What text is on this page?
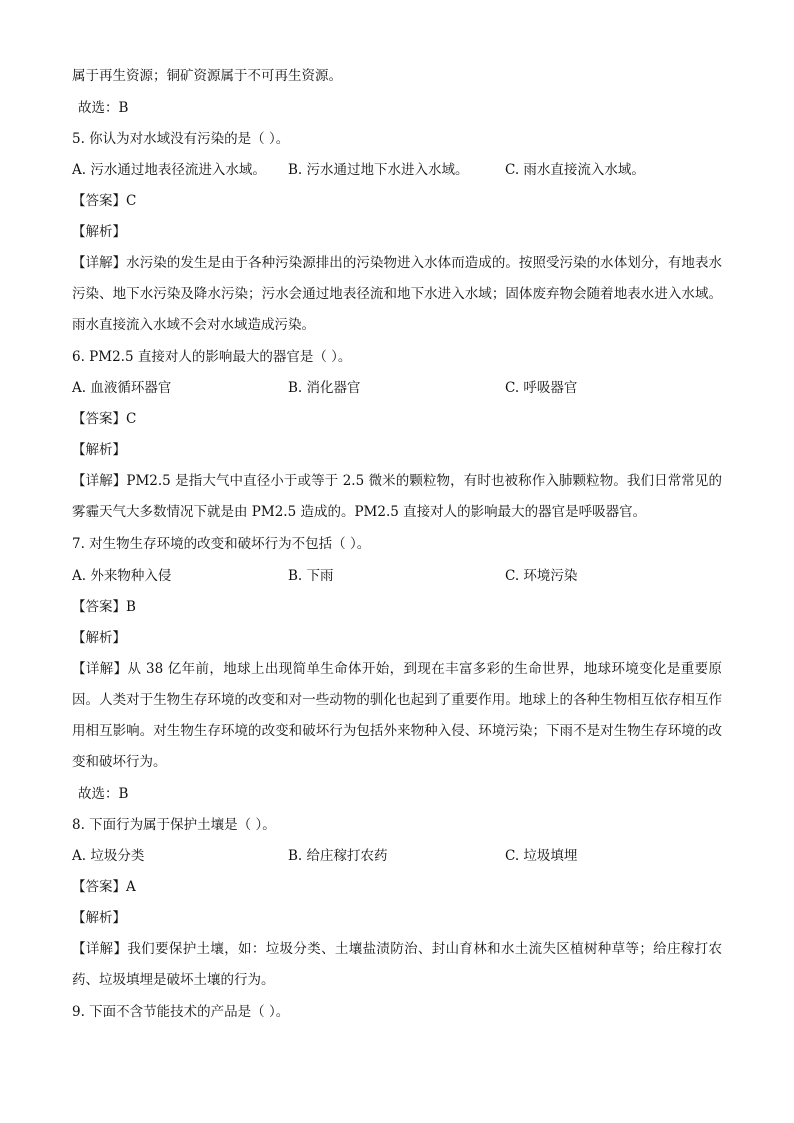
属于再生资源；铜矿资源属于不可再生资源。
故选：B
5. 你认为对水域没有污染的是（ ）。
A. 污水通过地表径流进入水域。 B. 污水通过地下水进入水域。	C. 雨水直接流入水域。
【答案】C
【解析】
【详解】水污染的发生是由于各种污染源排出的污染物进入水体而造成的。按照受污染的水体划分，有地表水污染、地下水污染及降水污染；污水会通过地表径流和地下水进入水域；固体废弃物会随着地表水进入水域。雨水直接流入水域不会对水域造成污染。
6. PM2.5 直接对人的影响最大的器官是（ ）。
A. 血液循环器官	B. 消化器官	C. 呼吸器官
【答案】C
【解析】
【详解】PM2.5 是指大气中直径小于或等于 2.5 微米的颗粒物，有时也被称作入肺颗粒物。我们日常常见的雾霾天气大多数情况下就是由 PM2.5 造成的。PM2.5 直接对人的影响最大的器官是呼吸器官。
7. 对生物生存环境的改变和破坏行为不包括（ ）。
A. 外来物种入侵	B. 下雨	C. 环境污染
【答案】B
【解析】
【详解】从 38 亿年前，地球上出现简单生命体开始，到现在丰富多彩的生命世界，地球环境变化是重要原因。人类对于生物生存环境的改变和对一些动物的驯化也起到了重要作用。地球上的各种生物相互依存相互作用相互影响。对生物生存环境的改变和破坏行为包括外来物种入侵、环境污染；下雨不是对生物生存环境的改变和破坏行为。
故选：B
8. 下面行为属于保护土壤是（ ）。
A. 垃圾分类	B. 给庄稼打农药	C. 垃圾填埋
【答案】A
【解析】
【详解】我们要保护土壤，如：垃圾分类、土壤盐渍防治、封山育林和水土流失区植树种草等；给庄稼打农药、垃圾填埋是破坏土壤的行为。
9. 下面不含节能技术的产品是（ ）。
